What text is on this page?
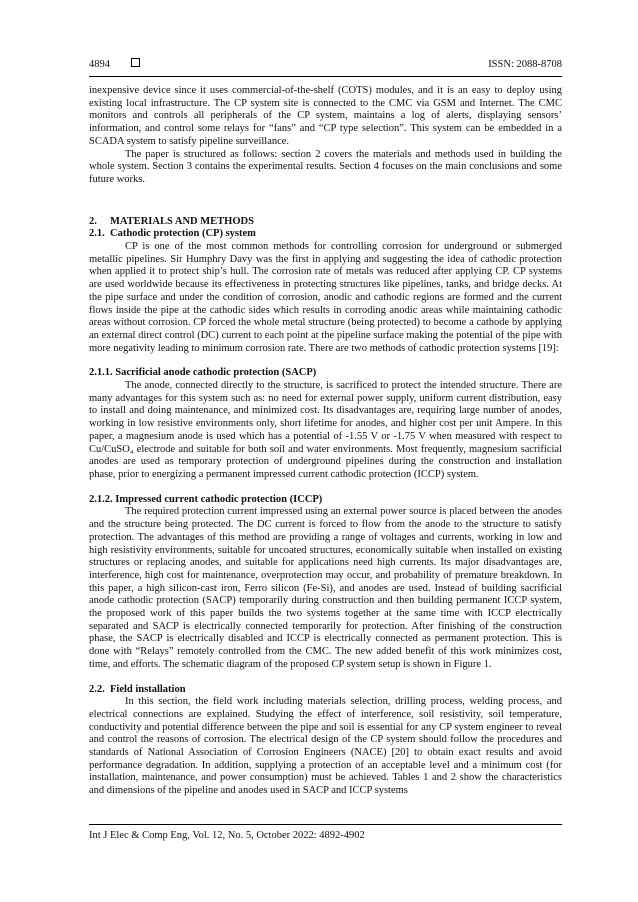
4894	ISSN: 2088-8708

inexpensive device since it uses commercial-of-the-shelf (COTS) modules, and it is an easy to deploy using existing local infrastructure. The CP system site is connected to the CMC via GSM and Internet. The CMC monitors and controls all peripherals of the CP system, maintains a log of alerts, displaying sensors’ information, and control some relays for “fans” and “CP type selection”. This system can be embedded in a SCADA system to satisfy pipeline surveillance.

The paper is structured as follows: section 2 covers the materials and methods used in building the whole system. Section 3 contains the experimental results. Section 4 focuses on the main conclusions and some future works.

2.     MATERIALS AND METHODS

2.1.  Cathodic protection (CP) system

CP is one of the most common methods for controlling corrosion for underground or submerged metallic pipelines. Sir Humphry Davy was the first in applying and suggesting the idea of cathodic protection when applied it to protect ship’s hull. The corrosion rate of metals was reduced after applying CP. CP systems are used worldwide because its effectiveness in protecting structures like pipelines, tanks, and bridge decks. At the pipe surface and under the condition of corrosion, anodic and cathodic regions are formed and the current flows inside the pipe at the cathodic sides which results in corroding anodic areas while maintaining cathodic areas without corrosion. CP forced the whole metal structure (being protected) to become a cathode by applying an external direct control (DC) current to each point at the pipeline surface making the potential of the pipe with more negativity leading to minimum corrosion rate. There are two methods of cathodic protection systems [19]:

2.1.1. Sacrificial anode cathodic protection (SACP)

The anode, connected directly to the structure, is sacrificed to protect the intended structure. There are many advantages for this system such as: no need for external power supply, uniform current distribution, easy to install and doing maintenance, and minimized cost. Its disadvantages are, requiring large number of anodes, working in low resistive environments only, short lifetime for anodes, and higher cost per unit Ampere. In this paper, a magnesium anode is used which has a potential of -1.55 V or -1.75 V when measured with respect to Cu/CuSO₄ electrode and suitable for both soil and water environments. Most frequently, magnesium sacrificial anodes are used as temporary protection of underground pipelines during the construction and installation phase, prior to energizing a permanent impressed current cathodic protection (ICCP) system.

2.1.2. Impressed current cathodic protection (ICCP)

The required protection current impressed using an external power source is placed between the anodes and the structure being protected. The DC current is forced to flow from the anode to the structure to satisfy protection. The advantages of this method are providing a range of voltages and currents, working in low and high resistivity environments, suitable for uncoated structures, economically suitable when installed on existing structures or replacing anodes, and suitable for applications need high currents. Its major disadvantages are, interference, high cost for maintenance, overprotection may occur, and probability of premature breakdown. In this paper, a high silicon-cast iron, Ferro silicon (Fe-Si), and anodes are used. Instead of building sacrificial anode cathodic protection (SACP) temporarily during construction and then building permanent ICCP system, the proposed work of this paper builds the two systems together at the same time with ICCP electrically separated and SACP is electrically connected temporarily for protection. After finishing of the construction phase, the SACP is electrically disabled and ICCP is electrically connected as permanent protection. This is done with “Relays” remotely controlled from the CMC. The new added benefit of this work minimizes cost, time, and efforts. The schematic diagram of the proposed CP system setup is shown in Figure 1.

2.2.  Field installation

In this section, the field work including materials selection, drilling process, welding process, and electrical connections are explained. Studying the effect of interference, soil resistivity, soil temperature, conductivity and potential difference between the pipe and soil is essential for any CP system engineer to reveal and control the reasons of corrosion. The electrical design of the CP system should follow the procedures and standards of National Association of Corrosion Engineers (NACE) [20] to obtain exact results and avoid performance degradation. In addition, supplying a protection of an acceptable level and a minimum cost (for installation, maintenance, and power consumption) must be achieved. Tables 1 and 2 show the characteristics and dimensions of the pipeline and anodes used in SACP and ICCP systems

Int J Elec & Comp Eng, Vol. 12, No. 5, October 2022: 4892-4902
